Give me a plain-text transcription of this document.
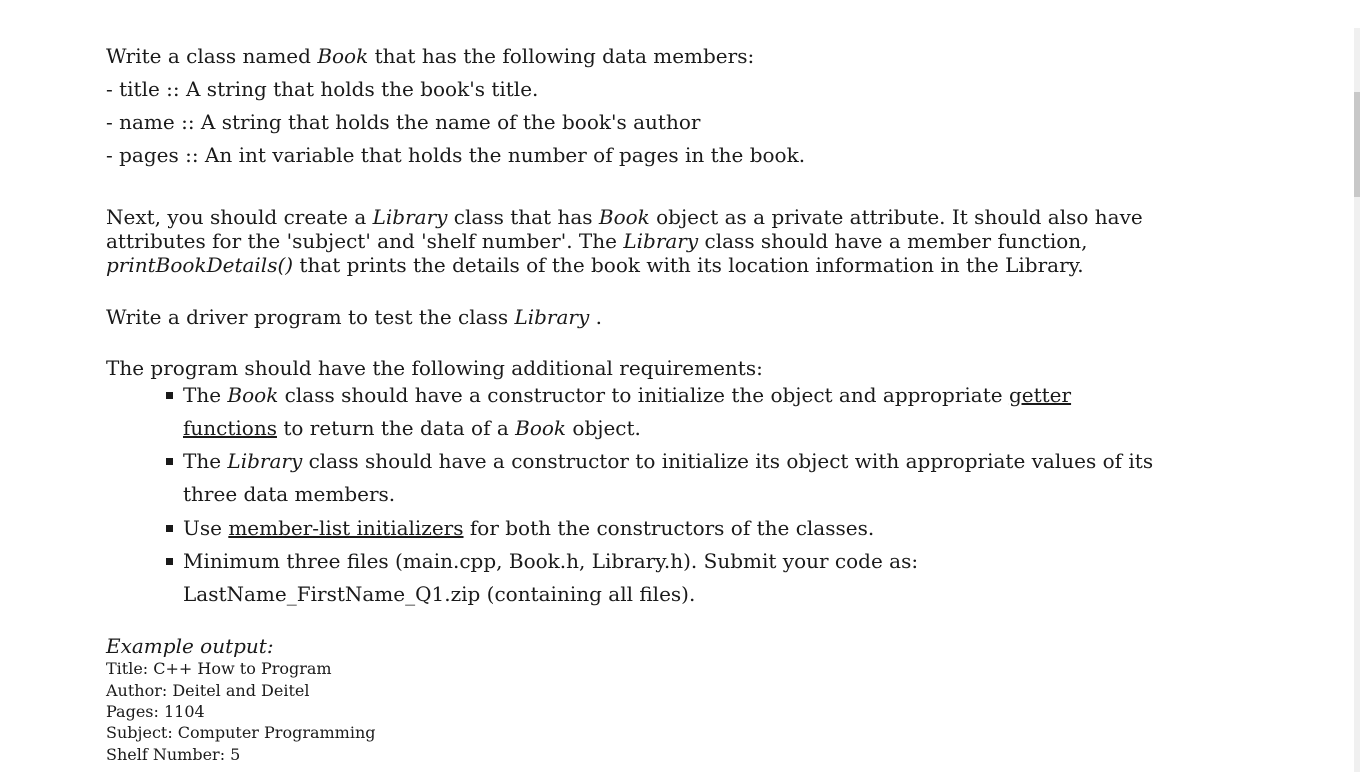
Write a class named Book that has the following data members:
- title :: A string that holds the book's title.
- name :: A string that holds the name of the book's author
- pages :: An int variable that holds the number of pages in the book.
Next, you should create a Library class that has Book object as a private attribute. It should also have
attributes for the 'subject' and 'shelf number'. The Library class should have a member function,
printBookDetails() that prints the details of the book with its location information in the Library.
Write a driver program to test the class Library .
The program should have the following additional requirements:
The Book class should have a constructor to initialize the object and appropriate getter
functions to return the data of a Book object.
The Library class should have a constructor to initialize its object with appropriate values of its
three data members.
Use member-list initializers for both the constructors of the classes.
Minimum three files (main.cpp, Book.h, Library.h). Submit your code as:
LastName_FirstName_Q1.zip (containing all files).
Example output:
Title: C++ How to Program
Author: Deitel and Deitel
Pages: 1104
Subject: Computer Programming
Shelf Number: 5
